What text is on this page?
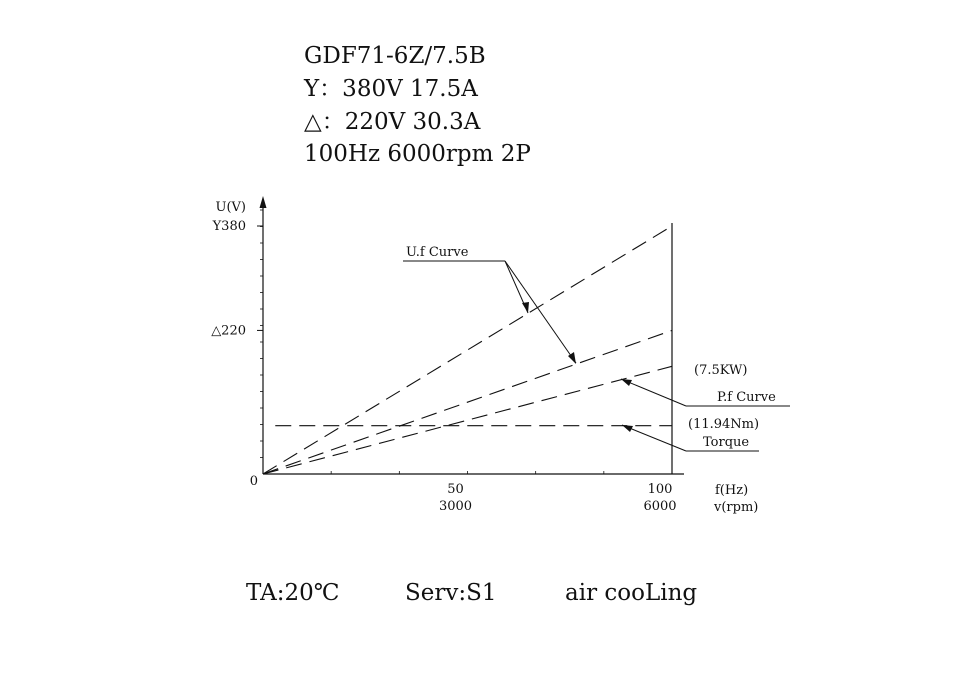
GDF71-6Z/7.5B
Y：380V 17.5A
△：220V 30.3A
100Hz 6000rpm 2P
Y380
△220
0
U(V)
50
3000
100
6000
f(Hz)
v(rpm)
U.f Curve
(7.5KW)
P.f Curve
(11.94Nm)
Torque
TA:20℃	Serv:S1	air cooLing
